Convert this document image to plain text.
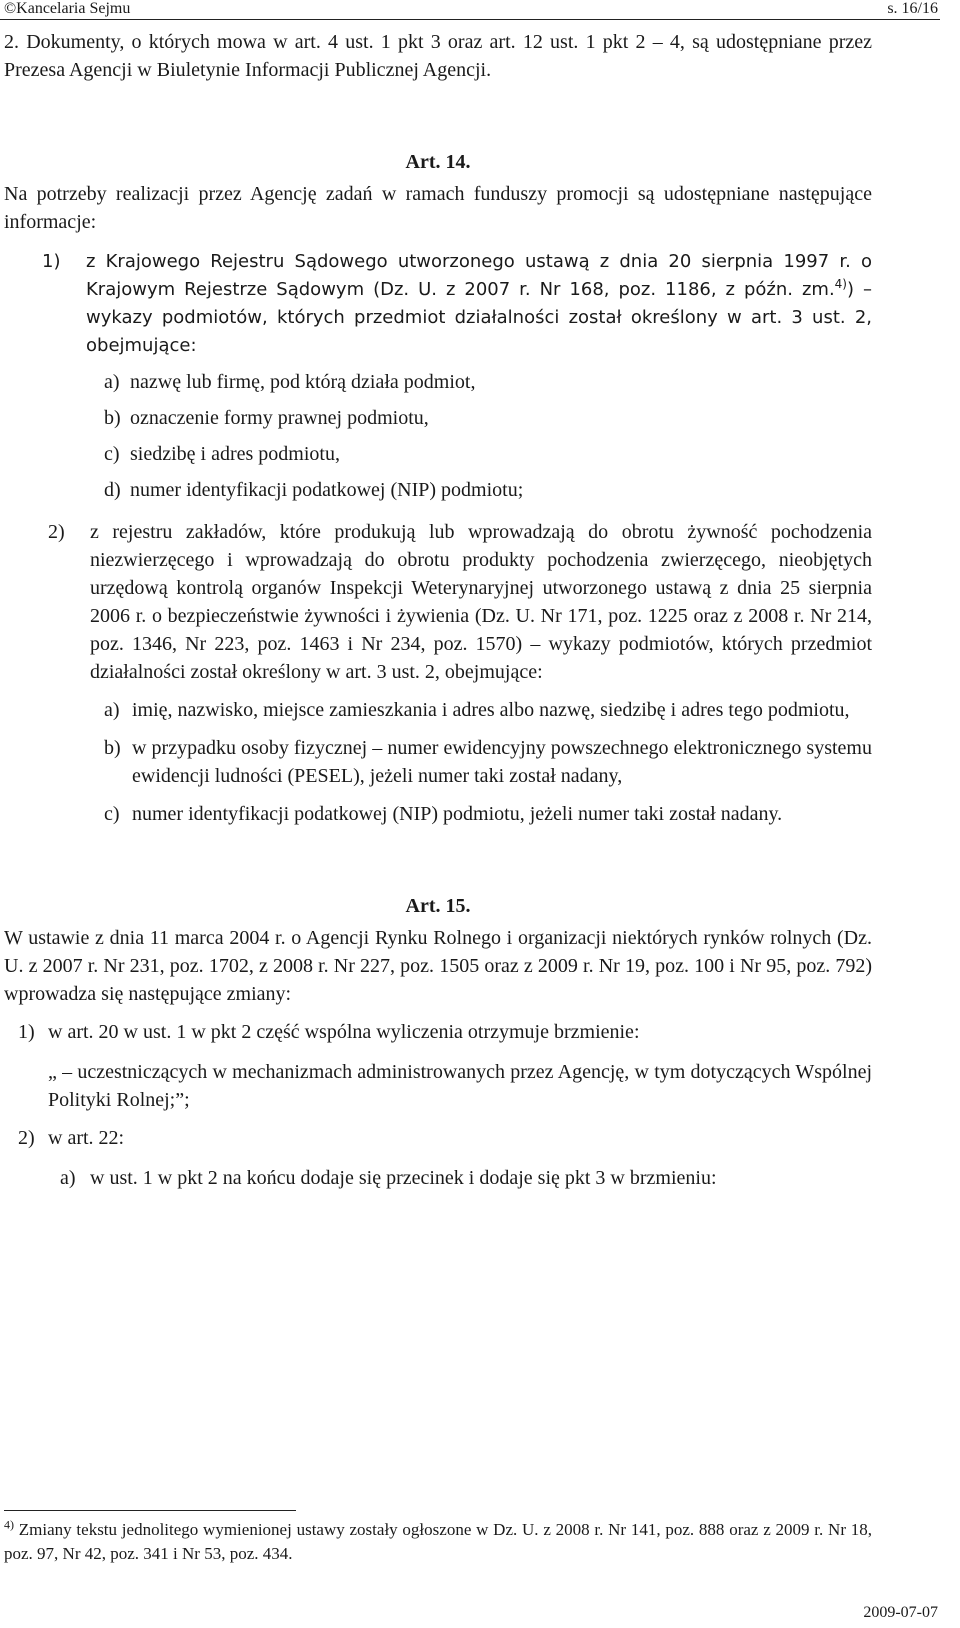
©Kancelaria Sejmu	s. 16/16

2. Dokumenty, o których mowa w art. 4 ust. 1 pkt 3 oraz art. 12 ust. 1 pkt 2 – 4, są udostępniane przez Prezesa Agencji w Biuletynie Informacji Publicznej Agencji.

Art. 14.

Na potrzeby realizacji przez Agencję zadań w ramach funduszy promocji są udostępniane następujące informacje:

1) z Krajowego Rejestru Sądowego utworzonego ustawą z dnia 20 sierpnia 1997 r. o Krajowym Rejestrze Sądowym (Dz. U. z 2007 r. Nr 168, poz. 1186, z późn. zm.$^{4)}$) – wykazy podmiotów, których przedmiot działalności został określony w art. 3 ust. 2, obejmujące:
a) nazwę lub firmę, pod którą działa podmiot,
b) oznaczenie formy prawnej podmiotu,
c) siedzibę i adres podmiotu,
d) numer identyfikacji podatkowej (NIP) podmiotu;
2) z rejestru zakładów, które produkują lub wprowadzają do obrotu żywność pochodzenia niezwierzęcego i wprowadzają do obrotu produkty pochodzenia zwierzęcego, nieobjętych urzędową kontrolą organów Inspekcji Weterynaryjnej utworzonego ustawą z dnia 25 sierpnia 2006 r. o bezpieczeństwie żywności i żywienia (Dz. U. Nr 171, poz. 1225 oraz z 2008 r. Nr 214, poz. 1346, Nr 223, poz. 1463 i Nr 234, poz. 1570) – wykazy podmiotów, których przedmiot działalności został określony w art. 3 ust. 2, obejmujące:

a) imię, nazwisko, miejsce zamieszkania i adres albo nazwę, siedzibę i adres tego podmiotu,

b) w przypadku osoby fizycznej – numer ewidencyjny powszechnego elektronicznego systemu ewidencji ludności (PESEL), jeżeli numer taki został nadany,

c) numer identyfikacji podatkowej (NIP) podmiotu, jeżeli numer taki został nadany.

Art. 15.

W ustawie z dnia 11 marca 2004 r. o Agencji Rynku Rolnego i organizacji niektórych rynków rolnych (Dz. U. z 2007 r. Nr 231, poz. 1702, z 2008 r. Nr 227, poz. 1505 oraz z 2009 r. Nr 19, poz. 100 i Nr 95, poz. 792) wprowadza się następujące zmiany:

1) w art. 20 w ust. 1 w pkt 2 część wspólna wyliczenia otrzymuje brzmienie:

„ – uczestniczących w mechanizmach administrowanych przez Agencję, w tym dotyczących Wspólnej Polityki Rolnej;”;

2) w art. 22:

a) w ust. 1 w pkt 2 na końcu dodaje się przecinek i dodaje się pkt 3 w brzmieniu:

$^{4)}$ Zmiany tekstu jednolitego wymienionej ustawy zostały ogłoszone w Dz. U. z 2008 r. Nr 141, poz. 888 oraz z 2009 r. Nr 18, poz. 97, Nr 42, poz. 341 i Nr 53, poz. 434.

2009-07-07
